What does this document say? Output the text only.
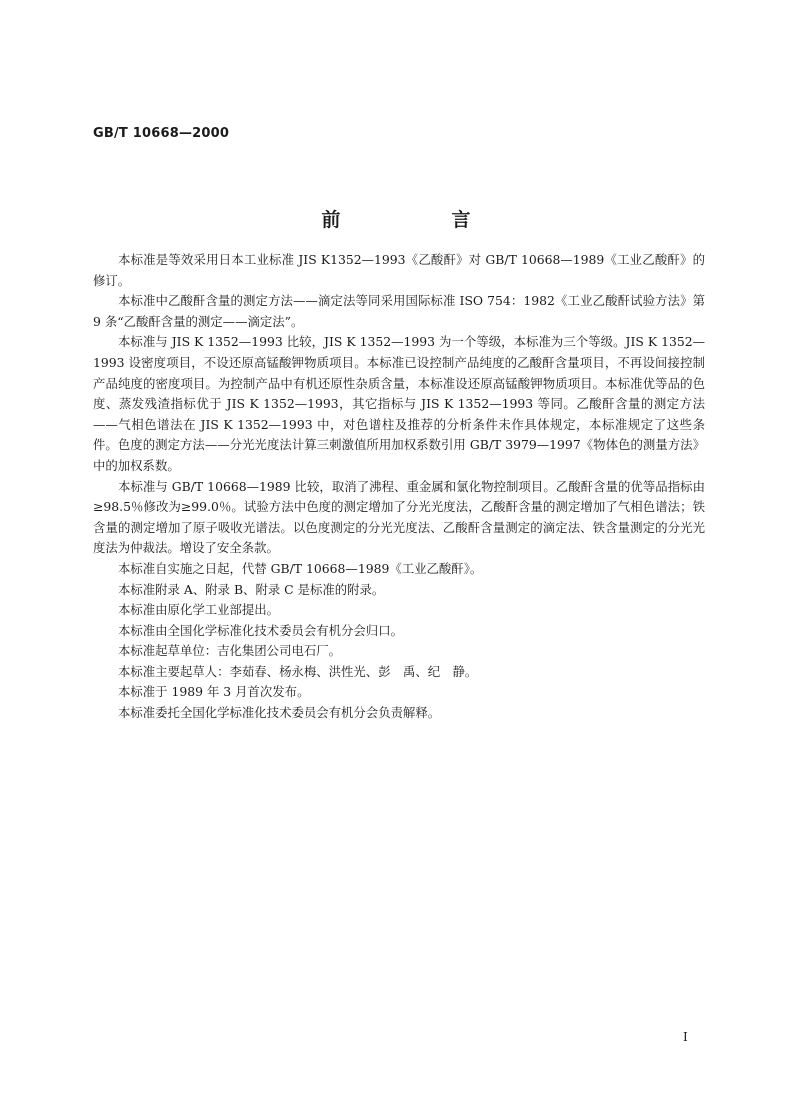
GB/T 10668—2000
前　言

本标准是等效采用日本工业标准 JIS K1352—1993《乙酸酐》对 GB/T 10668—1989《工业乙酸酐》的修订。

本标准中乙酸酐含量的测定方法——滴定法等同采用国际标准 ISO 754：1982《工业乙酸酐试验方法》第 9 条“乙酸酐含量的测定——滴定法”。

本标准与 JIS K 1352—1993 比较，JIS K 1352—1993 为一个等级，本标准为三个等级。JIS K 1352—1993 设密度项目，不设还原高锰酸钾物质项目。本标准已设控制产品纯度的乙酸酐含量项目，不再设间接控制产品纯度的密度项目。为控制产品中有机还原性杂质含量，本标准设还原高锰酸钾物质项目。本标准优等品的色度、蒸发残渣指标优于 JIS K 1352—1993，其它指标与 JIS K 1352—1993 等同。乙酸酐含量的测定方法——气相色谱法在 JIS K 1352—1993 中，对色谱柱及推荐的分析条件未作具体规定，本标准规定了这些条件。色度的测定方法——分光光度法计算三刺激值所用加权系数引用 GB/T 3979—1997《物体色的测量方法》中的加权系数。

本标准与 GB/T 10668—1989 比较，取消了沸程、重金属和氯化物控制项目。乙酸酐含量的优等品指标由≥98.5％修改为≥99.0％。试验方法中色度的测定增加了分光光度法，乙酸酐含量的测定增加了气相色谱法；铁含量的测定增加了原子吸收光谱法。以色度测定的分光光度法、乙酸酐含量测定的滴定法、铁含量测定的分光光度法为仲裁法。增设了安全条款。

本标准自实施之日起，代替 GB/T 10668—1989《工业乙酸酐》。

本标准附录 A、附录 B、附录 C 是标准的附录。

本标准由原化学工业部提出。

本标准由全国化学标准化技术委员会有机分会归口。

本标准起草单位：吉化集团公司电石厂。

本标准主要起草人：李茹春、杨永梅、洪性光、彭　禹、纪　静。

本标准于 1989 年 3 月首次发布。

本标准委托全国化学标准化技术委员会有机分会负责解释。

I
